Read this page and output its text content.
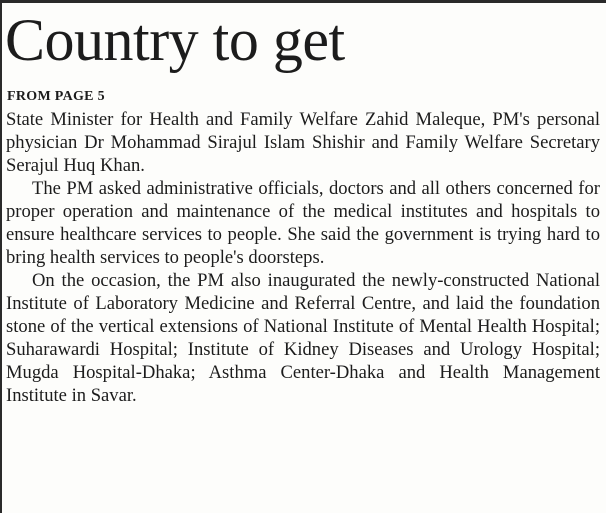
Country to get
FROM PAGE 5

State Minister for Health and Family Welfare Zahid Maleque, PM's personal physician Dr Mohammad Sirajul Islam Shishir and Family Welfare Secretary Serajul Huq Khan.

The PM asked administrative officials, doctors and all others concerned for proper operation and maintenance of the medical institutes and hospitals to ensure healthcare services to people. She said the government is trying hard to bring health services to people's doorsteps.

On the occasion, the PM also inaugurated the newly-constructed National Institute of Laboratory Medicine and Referral Centre, and laid the foundation stone of the vertical extensions of National Institute of Mental Health Hospital; Suharawardi Hospital; Institute of Kidney Diseases and Urology Hospital; Mugda Hospital-Dhaka; Asthma Center-Dhaka and Health Management Institute in Savar.
